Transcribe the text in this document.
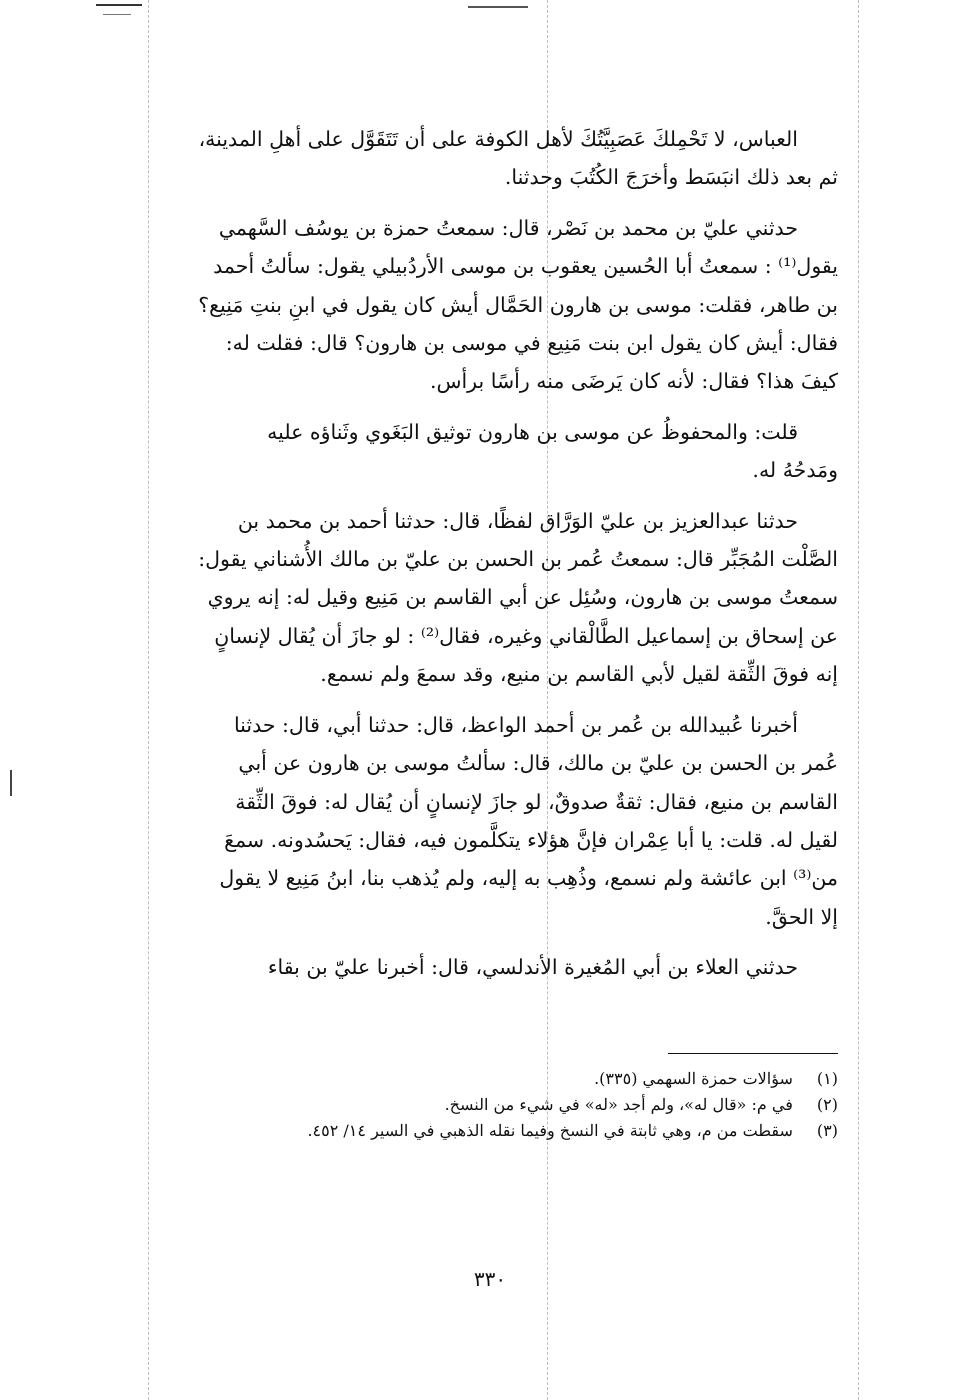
العباس، لا تَحْمِلكَ عَصَبِيَّتُكَ لأهل الكوفة على أن تَتَقَوَّل على أهلِ المدينة،

ثم بعد ذلك انبَسَط وأخرَجَ الكُتُبَ وحدثنا.

حدثني عليّ بن محمد بن نَصْر، قال: سمعتُ حمزة بن يوسُف السَّهمي

يقول⁽¹⁾ : سمعتُ أبا الحُسين يعقوب بن موسى الأردُبيلي يقول: سألتُ أحمد

بن طاهر، فقلت: موسى بن هارون الحَمَّال أيش كان يقول في ابنِ بنتِ مَنِيع؟

فقال: أيش كان يقول ابن بنت مَنِيع في موسى بن هارون؟ قال: فقلت له:

كيفَ هذا؟ فقال: لأنه كان يَرضَى منه رأسًا برأس.

قلت: والمحفوظُ عن موسى بن هارون توثيق البَغَوي وثَناؤه عليه

ومَدحُهُ له.

حدثنا عبدالعزيز بن عليّ الوَرَّاق لفظًا، قال: حدثنا أحمد بن محمد بن

الصَّلْت المُجَبِّر قال: سمعتُ عُمر بن الحسن بن عليّ بن مالك الأُشناني يقول:

سمعتُ موسى بن هارون، وسُئِل عن أبي القاسم بن مَنِيع وقيل له: إنه يروي

عن إسحاق بن إسماعيل الطَّالْقاني وغيره، فقال⁽²⁾ : لو جازَ أن يُقال لإنسانٍ

إنه فوقَ الثِّقة لقيل لأبي القاسم بن منيع، وقد سمعَ ولم نسمع.

أخبرنا عُبيدالله بن عُمر بن أحمد الواعظ، قال: حدثنا أبي، قال: حدثنا

عُمر بن الحسن بن عليّ بن مالك، قال: سألتُ موسى بن هارون عن أبي

القاسم بن منيع، فقال: ثقةٌ صدوقٌ، لو جازَ لإنسانٍ أن يُقال له: فوقَ الثِّقة

لقيل له. قلت: يا أبا عِمْران فإنَّ هؤلاء يتكلَّمون فيه، فقال: يَحسُدونه. سمعَ

من⁽³⁾ ابن عائشة ولم نسمع، وذُهِب به إليه، ولم يُذهب بنا، ابنُ مَنِيع لا يقول

إلا الحقَّ.

حدثني العلاء بن أبي المُغيرة الأندلسي، قال: أخبرنا عليّ بن بقاء

(١) سؤالات حمزة السهمي (٣٣٥).
(٢) في م: «قال له»، ولم أجد «له» في شيء من النسخ.
(٣) سقطت من م، وهي ثابتة في النسخ وفيما نقله الذهبي في السير ١٤/ ٤٥٢.
٣٣٠
